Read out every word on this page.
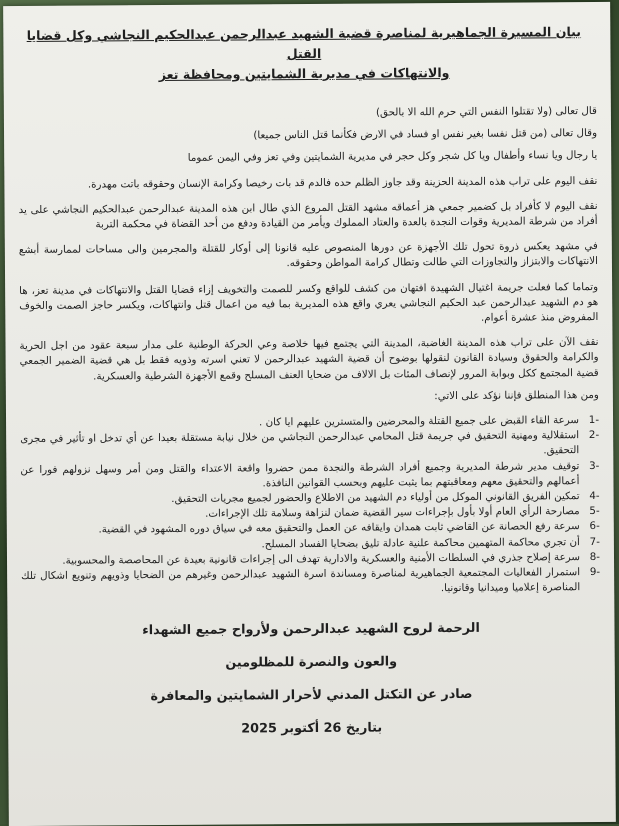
بيان المسيرة الجماهيرية لمناصرة قضية الشهيد عبدالرحمن عبدالحكيم النجاشي وكل قضايا القتل
والانتهاكات في مديرية الشمايتين ومحافظة تعز

قال تعالى (ولا تقتلوا النفس التي حرم الله الا بالحق)

وقال تعالى (من قتل نفسا بغير نفس او فساد في الارض فكأنما قتل الناس جميعا)

يا رجال ويا نساء وأطفال ويا كل شجر وكل حجر في مديرية الشمايتين وفي تعز وفي اليمن عموما

نقف اليوم على تراب هذه المدينة الحزينة وقد جاوز الظلم حده فالدم قد بات رخيصا وكرامة الإنسان وحقوقه باتت مهدرة.

نقف اليوم لا كأفراد بل كضمير جمعي هز أعماقه مشهد القتل المروع الذي طال ابن هذه المدينة عبدالرحمن عبدالحكيم النجاشي على يد أفراد من شرطة المديرية وقوات النجدة بالعدة والعتاد المملوك ويأمر من القيادة ودفع من أحد القضاة في محكمة التربة

في مشهد يعكس ذروة تحول تلك الأجهزة عن دورها المنصوص عليه قانونا إلى أوكار للقتلة والمجرمين والى مساحات لممارسة أبشع الانتهاكات والابتزاز والتجاوزات التي طالت وتطال كرامة المواطن وحقوقه.

وتماما كما فعلت جريمة اغتيال الشهيدة افتهان من كشف للواقع وكسر للصمت والتخويف إزاء قضايا القتل والانتهاكات في مدينة تعز، ها هو دم الشهيد عبدالرحمن عبد الحكيم النجاشي يعري واقع هذه المديرية بما فيه من اعمال قتل وانتهاكات، ويكسر حاجز الصمت والخوف المفروض منذ عشرة أعوام.

نقف الآن على تراب هذه المدينة الغاضبة، المدينة التي يجتمع فيها خلاصة وعي الحركة الوطنية على مدار سبعة عقود من اجل الحرية والكرامة والحقوق وسيادة القانون لنقولها بوضوح أن قضية الشهيد عبدالرحمن لا تعني اسرته وذويه فقط بل هي قضية الضمير الجمعي قضية المجتمع ككل وبوابة المرور لإنصاف المئات بل الالاف من ضحايا العنف المسلح وقمع الأجهزة الشرطية والعسكرية.

ومن هذا المنطلق فإننا نؤكد على الاتي:

-1
سرعة القاء القبض على جميع القتلة والمحرضين والمتسترين عليهم ايا كان .
-2
استقلالية ومهنية التحقيق في جريمة قتل المحامي عبدالرحمن النجاشي من خلال نيابة مستقلة بعيدا عن أي تدخل او تأثير في مجرى التحقيق.
-3
توقيف مدير شرطة المديرية وجميع أفراد الشرطة والنجدة ممن حضروا واقعة الاعتداء والقتل ومن أمر وسهل نزولهم فورا عن أعمالهم والتحقيق معهم ومعاقبتهم بما يثبت عليهم وبحسب القوانين النافذة.
-4
تمكين الفريق القانوني الموكل من أولياء دم الشهيد من الاطلاع والحضور لجميع مجريات التحقيق.
-5
مصارحة الرأي العام أولا بأول بإجراءات سير القضية ضمان لنزاهة وسلامة تلك الإجراءات.
-6
سرعة رفع الحصانة عن القاضي ثابت همدان وايقافه عن العمل والتحقيق معه في سياق دوره المشهود في القضية.
-7
أن تجري محاكمة المتهمين محاكمة علنية عادلة تليق بضحايا الفساد المسلح.
-8
سرعة إصلاح جذري في السلطات الأمنية والعسكرية والادارية تهدف الى إجراءات قانونية بعيدة عن المحاصصة والمحسوبية.
-9
استمرار الفعاليات المجتمعية الجماهيرية لمناصرة ومساندة اسرة الشهيد عبدالرحمن وغيرهم من الضحايا وذويهم وتنويع اشكال تلك المناصرة إعلاميا وميدانيا وقانونيا.
الرحمة لروح الشهيد عبدالرحمن ولأرواح جميع الشهداء
والعون والنصرة للمظلومين
صادر عن التكتل المدني لأحرار الشمايتين والمعافرة
بتاريخ 26 أكتوبر 2025
